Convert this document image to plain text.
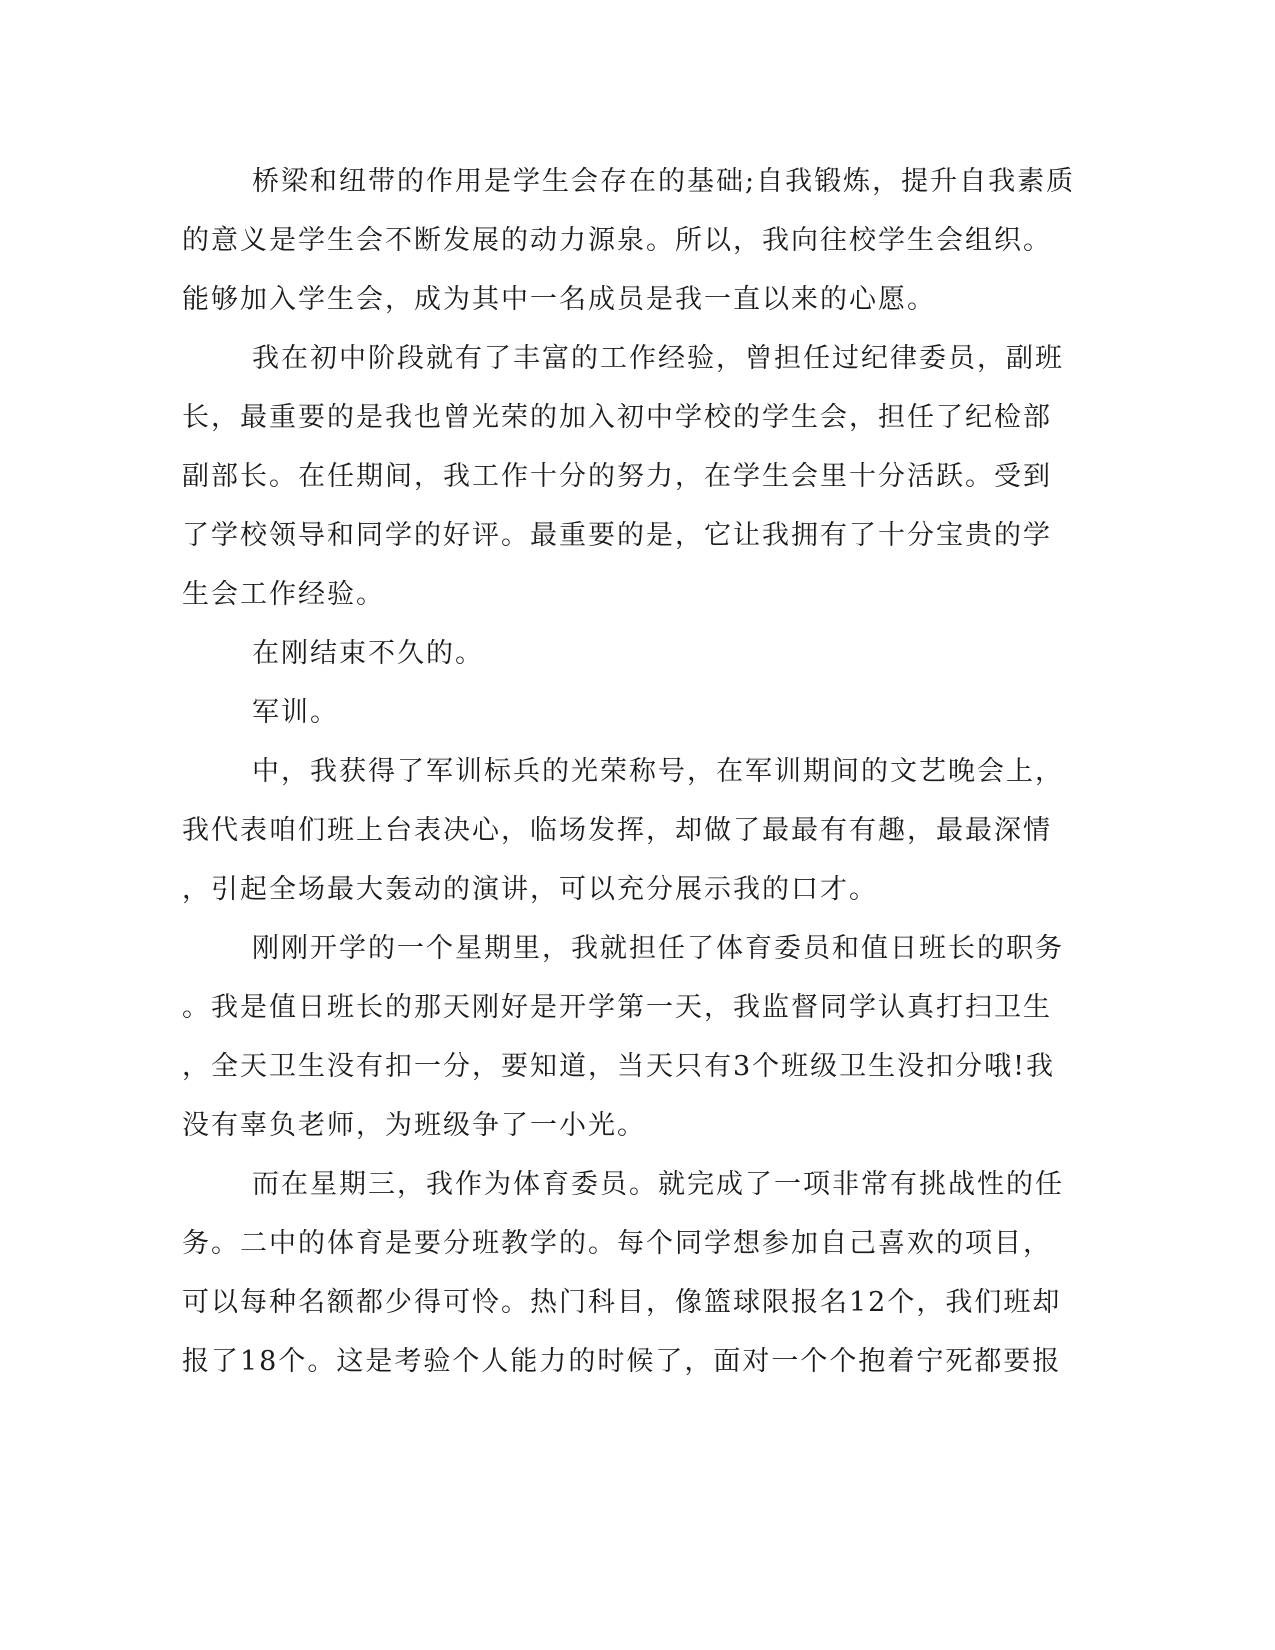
桥梁和纽带的作用是学生会存在的基础;自我锻炼，提升自我素质
的意义是学生会不断发展的动力源泉。所以，我向往校学生会组织。
能够加入学生会，成为其中一名成员是我一直以来的心愿。
我在初中阶段就有了丰富的工作经验，曾担任过纪律委员，副班
长，最重要的是我也曾光荣的加入初中学校的学生会，担任了纪检部
副部长。在任期间，我工作十分的努力，在学生会里十分活跃。受到
了学校领导和同学的好评。最重要的是，它让我拥有了十分宝贵的学
生会工作经验。
在刚结束不久的。
军训。
中，我获得了军训标兵的光荣称号，在军训期间的文艺晚会上，
我代表咱们班上台表决心，临场发挥，却做了最最有有趣，最最深情
，引起全场最大轰动的演讲，可以充分展示我的口才。
刚刚开学的一个星期里，我就担任了体育委员和值日班长的职务
。我是值日班长的那天刚好是开学第一天，我监督同学认真打扫卫生
，全天卫生没有扣一分，要知道，当天只有3个班级卫生没扣分哦!我
没有辜负老师，为班级争了一小光。
而在星期三，我作为体育委员。就完成了一项非常有挑战性的任
务。二中的体育是要分班教学的。每个同学想参加自己喜欢的项目，
可以每种名额都少得可怜。热门科目，像篮球限报名12个，我们班却
报了18个。这是考验个人能力的时候了，面对一个个抱着宁死都要报
